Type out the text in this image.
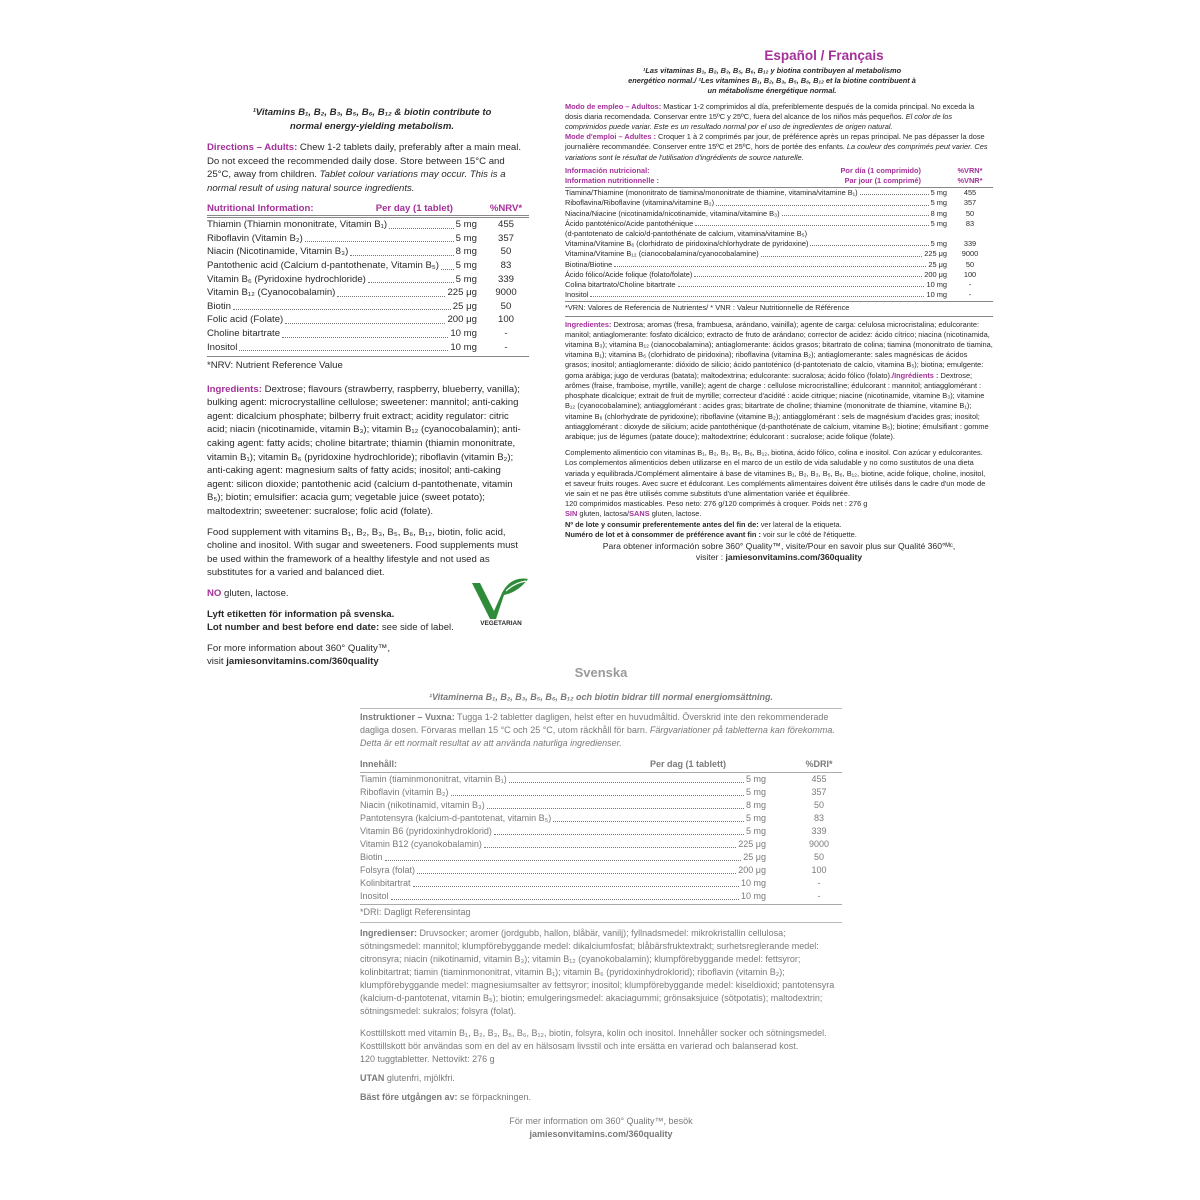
¹Vitamins B₁, B₂, B₃, B₅, B₆, B₁₂ & biotin contribute to normal energy-yielding metabolism.

Directions – Adults: Chew 1-2 tablets daily, preferably after a main meal. Do not exceed the recommended daily dose. Store between 15°C and 25°C, away from children. Tablet colour variations may occur. This is a normal result of using natural source ingredients.

Nutritional Information:	Per day (1 tablet)	%NRV*
Thiamin (Thiamin mononitrate, Vitamin B₁)	5 mg	455
Riboflavin (Vitamin B₂)	5 mg	357
Niacin (Nicotinamide, Vitamin B₃)	8 mg	50
Pantothenic acid (Calcium d-pantothenate, Vitamin B₅) 5 mg	83
Vitamin B₆ (Pyridoxine hydrochloride)	5 mg	339
Vitamin B₁₂ (Cyanocobalamin)	225 μg	9000
Biotin	25 μg	50
Folic acid (Folate)	200 μg	100
Choline bitartrate	10 mg	-
Inositol	10 mg	-

*NRV: Nutrient Reference Value

Ingredients: Dextrose; flavours (strawberry, raspberry, blueberry, vanilla); bulking agent: microcrystalline cellulose; sweetener: mannitol; anti-caking agent: dicalcium phosphate; bilberry fruit extract; acidity regulator: citric acid; niacin (nicotinamide, vitamin B₃); vitamin B₁₂ (cyanocobalamin); anti-caking agent: fatty acids; choline bitartrate; thiamin (thiamin mononitrate, vitamin B₁); vitamin B₆ (pyridoxine hydrochloride); riboflavin (vitamin B₂); anti-caking agent: magnesium salts of fatty acids; inositol; anti-caking agent: silicon dioxide; pantothenic acid (calcium d-pantothenate, vitamin B₅); biotin; emulsifier: acacia gum; vegetable juice (sweet potato); maltodextrin; sweetener: sucralose; folic acid (folate).

Food supplement with vitamins B₁, B₂, B₃, B₅, B₆, B₁₂, biotin, folic acid, choline and inositol. With sugar and sweeteners. Food supplements must be used within the framework of a healthy lifestyle and not used as substitutes for a varied and balanced diet.

NO gluten, lactose.

Lyft etiketten för information på svenska.

Lot number and best before end date: see side of label.

For more information about 360° Quality™,

visit jamiesonvitamins.com/360quality

VEGETARIAN

Español / Français

¹Las vitaminas B₁, B₂, B₃, B₅, B₆, B₁₂ y biotina contribuyen al metabolismo energético normal./ ¹Les vitamines B₁, B₂, B₃, B₅, B₆, B₁₂ et la biotine contribuent à un métabolisme énergétique normal.

Modo de empleo – Adultos: Masticar 1-2 comprimidos al día, preferiblemente después de la comida principal. No exceda la dosis diaria recomendada. Conservar entre 15ºC y 25ºC, fuera del alcance de los niños más pequeños. El color de los comprimidos puede variar. Este es un resultado normal por el uso de ingredientes de origen natural.

Mode d'emploi – Adultes : Croquer 1 à 2 comprimés par jour, de préférence après un repas principal. Ne pas dépasser la dose journalière recommandée. Conserver entre 15ºC et 25ºC, hors de portée des enfants. La couleur des comprimés peut varier. Ces variations sont le résultat de l'utilisation d'ingrédients de source naturelle.

Información nutricional:	Por día (1 comprimido)	%VRN*
Information nutritionnelle :	Par jour (1 comprimé)	%VNR*
Tiamina/Thiamine (mononitrato de tiamina/mononitrate de thiamine, vitamina/vitamine B₁)	5 mg	455
Riboflavina/Riboflavine (vitamina/vitamine B₂)	5 mg	357
Niacina/Niacine (nicotinamida/nicotinamide, vitamina/vitamine B₃)	8 mg	50
Ácido pantoténico/Acide pantothénique	5 mg	83
(d-pantotenato de calcio/d-pantothénate de calcium, vitamina/vitamine B₅)
Vitamina/Vitamine B₆ (clorhidrato de piridoxina/chlorhydrate de pyridoxine)	5 mg	339
Vitamina/Vitamine B₁₂ (cianocobalamina/cyanocobalamine)	225 μg	9000
Biotina/Biotine	25 μg	50
Ácido fólico/Acide folique (folato/folate)	200 μg	100
Colina bitartrato/Choline bitartrate	10 mg	-
Inositol	10 mg	-

*VRN: Valores de Referencia de Nutrientes/ * VNR : Valeur Nutritionnelle de Référence

Ingredientes: Dextrosa; aromas (fresa, frambuesa, arándano, vainilla); agente de carga: celulosa microcristalina; edulcorante: manitol; antiaglomerante: fosfato dicálcico; extracto de fruto de arándano; corrector de acidez: ácido cítrico; niacina (nicotinamida, vitamina B₃); vitamina B₁₂ (cianocobalamina); antiaglomerante: ácidos grasos; bitartrato de colina; tiamina (mononitrato de tiamina, vitamina B₁); vitamina B₆ (clorhidrato de piridoxina); riboflavina (vitamina B₂); antiaglomerante: sales magnésicas de ácidos grasos; inositol; antiaglomerante: dióxido de silicio; ácido pantoténico (d-pantotenato de calcio, vitamina B₅); biotina; emulgente: goma arábiga; jugo de verduras (batata); maltodextrina; edulcorante: sucralosa; ácido fólico (folato)./Ingrédients : Dextrose; arômes (fraise, framboise, myrtille, vanille); agent de charge : cellulose microcristalline; édulcorant : mannitol; antiagglomérant : phosphate dicalcique; extrait de fruit de myrtille; correcteur d'acidité : acide citrique; niacine (nicotinamide, vitamine B₃); vitamine B₁₂ (cyanocobalamine); antiagglomérant : acides gras; bitartrate de choline; thiamine (mononitrate de thiamine, vitamine B₁); vitamine B₆ (chlorhydrate de pyridoxine); riboflavine (vitamine B₂); antiagglomérant : sels de magnésium d'acides gras; inositol; antiagglomérant : dioxyde de silicium; acide pantothénique (d-panthoténate de calcium, vitamine B₅); biotine; émulsifiant : gomme arabique; jus de légumes (patate douce); maltodextrine; édulcorant : sucralose; acide folique (folate).

Complemento alimenticio con vitaminas B₁, B₂, B₃, B₅, B₆, B₁₂, biotina, ácido fólico, colina e inositol. Con azúcar y edulcorantes. Los complementos alimenticios deben utilizarse en el marco de un estilo de vida saludable y no como sustitutos de una dieta variada y equilibrada./Complément alimentaire à base de vitamines B₁, B₂, B₃, B₅, B₆, B₁₂, biotine, acide folique, choline, inositol, et saveur fruits rouges. Avec sucre et édulcorant. Les compléments alimentaires doivent être utilisés dans le cadre d'un mode de vie sain et ne pas être utilisés comme substituts d'une alimentation variée et équilibrée.

120 comprimidos masticables. Peso neto: 276 g/120 comprimés à croquer. Poids net : 276 g

SIN gluten, lactosa/SANS gluten, lactose.

Nº de lote y consumir preferentemente antes del fin de: ver lateral de la etiqueta.

Numéro de lot et à consommer de préférence avant fin : voir sur le côté de l'étiquette.

Para obtener información sobre 360° Quality™, visite/Pour en savoir plus sur Qualité 360°ᴹᶜ,

visiter : jamiesonvitamins.com/360quality

Svenska

¹Vitaminerna B₁, B₂, B₃, B₅, B₆, B₁₂ och biotin bidrar till normal energiomsättning.

Instruktioner – Vuxna: Tugga 1-2 tabletter dagligen, helst efter en huvudmåltid. Överskrid inte den rekommenderade dagliga dosen. Förvaras mellan 15 °C och 25 °C, utom räckhåll för barn. Färgvariationer på tabletterna kan förekomma. Detta är ett normalt resultat av att använda naturliga ingredienser.

Innehåll:	Per dag (1 tablett)	%DRI*
Tiamin (tiaminmononitrat, vitamin B₁)	5 mg	455
Riboflavin (vitamin B₂)	5 mg	357
Niacin (nikotinamid, vitamin B₃)	8 mg	50
Pantotensyra (kalcium-d-pantotenat, vitamin B₅)	5 mg	83
Vitamin B6 (pyridoxinhydroklorid)	5 mg	339
Vitamin B12 (cyanokobalamin)	225 μg	9000
Biotin	25 μg	50
Folsyra (folat)	200 μg	100
Kolinbitartrat	10 mg	-
Inositol	10 mg	-

*DRI: Dagligt Referensintag

Ingredienser: Druvsocker; aromer (jordgubb, hallon, blåbär, vanilj); fyllnadsmedel: mikrokristallin cellulosa; sötningsmedel: mannitol; klumpförebyggande medel: dikalciumfosfat; blåbärsfruktextrakt; surhetsreglerande medel: citronsyra; niacin (nikotinamid, vitamin B₃); vitamin B₁₂ (cyanokobalamin); klumpförebyggande medel: fettsyror; kolinbitartrat; tiamin (tiaminmononitrat, vitamin B₁); vitamin B₆ (pyridoxinhydroklorid); riboflavin (vitamin B₂); klumpförebyggande medel: magnesiumsalter av fettsyror; inositol; klumpförebyggande medel: kiseldioxid; pantotensyra (kalcium-d-pantotenat, vitamin B₅); biotin; emulgeringsmedel: akaciagummi; grönsaksjuice (sötpotatis); maltodextrin; sötningsmedel: sukralos; folsyra (folat).

Kosttillskott med vitamin B₁, B₂, B₃, B₅, B₆, B₁₂, biotin, folsyra, kolin och inositol. Innehåller socker och sötningsmedel.

Kosttillskott bör användas som en del av en hälsosam livsstil och inte ersätta en varierad och balanserad kost.

120 tuggtabletter. Nettovikt: 276 g

UTAN glutenfri, mjölkfri.

Bäst före utgången av: se förpackningen.

För mer information om 360° Quality™, besök

jamiesonvitamins.com/360quality
